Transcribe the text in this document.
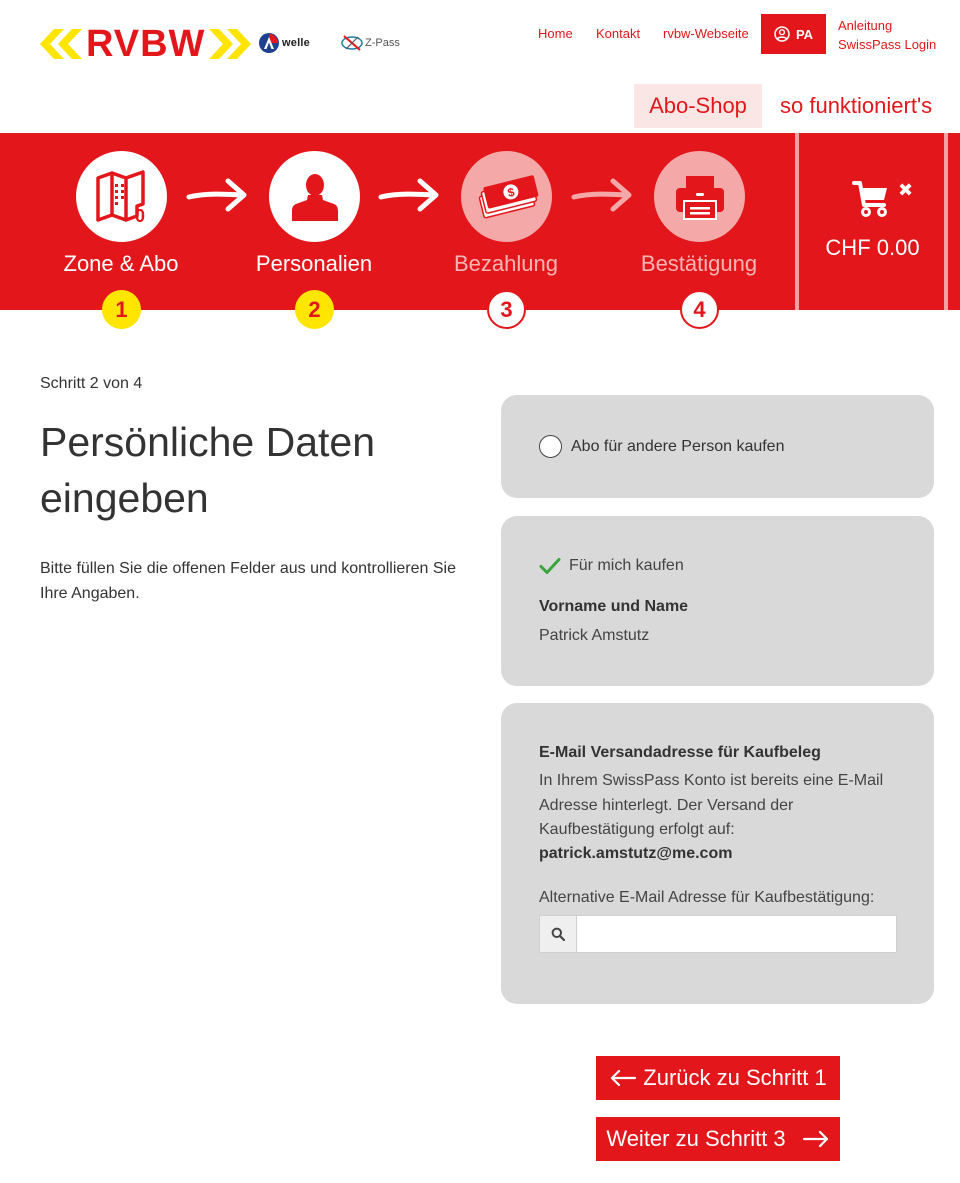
RVBW	welle	Z-Pass
Home Kontakt rvbw-Webseite	PA
Anleitung
SwissPass Login
Abo-Shop	so funktioniert's
0
Zone & Abo
1
Personalien
2
$
Bezahlung
3
Bestätigung
4
✖
CHF 0.00
Schritt 2 von 4
Persönliche Daten eingeben

Bitte füllen Sie die offenen Felder aus und kontrollieren Sie Ihre Angaben.

Abo für andere Person kaufen
Für mich kaufen
Vorname und Name
Patrick Amstutz
E-Mail Versandadresse für Kaufbeleg
In Ihrem SwissPass Konto ist bereits eine E-Mail Adresse hinterlegt. Der Versand der Kaufbestätigung erfolgt auf:
patrick.amstutz@me.com
Alternative E-Mail Adresse für Kaufbestätigung:
Zurück zu Schritt 1
Weiter zu Schritt 3
